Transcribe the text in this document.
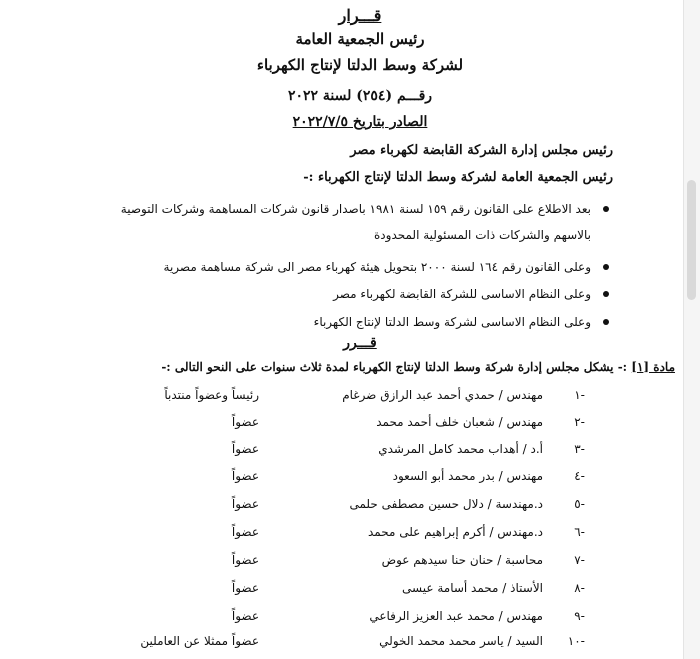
قـــرار
رئيس الجمعية العامة
لشركة وسط الدلتا لإنتاج الكهرباء
رقـــم (٢٥٤) لسنة ٢٠٢٢
الصادر بتاريخ ٢٠٢٢/٧/٥
رئيس مجلس إدارة الشركة القابضة لكهرباء مصر
رئيس الجمعية العامة لشركة وسط الدلتا لإنتاج الكهرباء :-
بعد الاطلاع على القانون رقم ١٥٩ لسنة ١٩٨١ باصدار قانون شركات المساهمة وشركات التوصية
بالاسهم والشركات ذات المسئولية المحدودة
وعلى القانون رقم ١٦٤ لسنة ٢٠٠٠ بتحويل هيئة كهرباء مصر الى شركة مساهمة مصرية
وعلى النظام الاساسى للشركة القابضة لكهرباء مصر
وعلى النظام الاساسى لشركة وسط الدلتا لإنتاج الكهرباء
قـــرر
مادة [١] :- يشكل مجلس إدارة شركة وسط الدلتا لإنتاج الكهرباء لمدة ثلاث سنوات على النحو التالى :-
-١
مهندس / حمدي أحمد عبد الرازق ضرغام
رئيساً وعضواً منتدباً
-٢
مهندس / شعبان خلف أحمد محمد
عضواً
-٣
أ.د / أهداب محمد كامل المرشدي
عضواً
-٤
مهندس / بدر محمد أبو السعود
عضواً
-٥
د.مهندسة / دلال حسين مصطفى حلمى
عضواً
-٦
د.مهندس / أكرم إبراهيم على محمد
عضواً
-٧
محاسبة / حنان حنا سيدهم عوض
عضواً
-٨
الأستاذ / محمد أسامة عيسى
عضواً
-٩
مهندس / محمد عبد العزيز الرفاعي
عضواً
-١٠
السيد / ياسر محمد محمد الخولي
عضواً ممثلا عن العاملين
